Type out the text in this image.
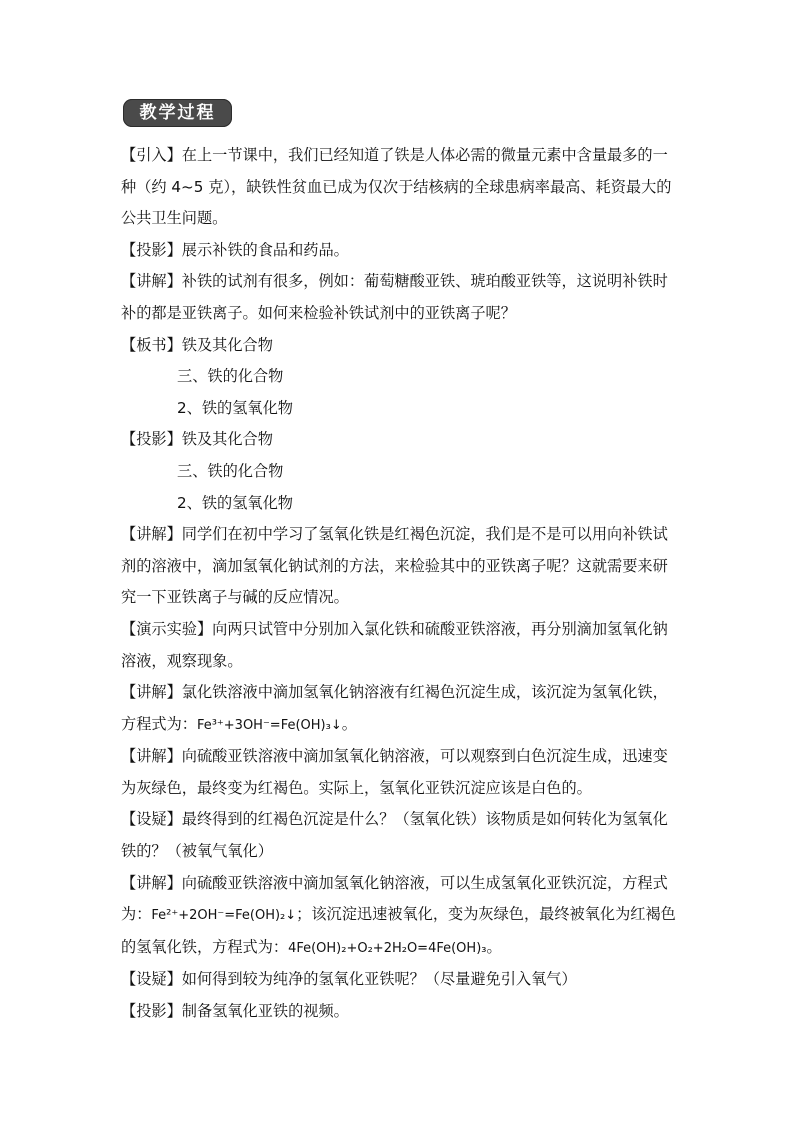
教学过程

【引入】在上一节课中，我们已经知道了铁是人体必需的微量元素中含量最多的一种（约 4~5 克），缺铁性贫血已成为仅次于结核病的全球患病率最高、耗资最大的公共卫生问题。

【投影】展示补铁的食品和药品。

【讲解】补铁的试剂有很多，例如：葡萄糖酸亚铁、琥珀酸亚铁等，这说明补铁时补的都是亚铁离子。如何来检验补铁试剂中的亚铁离子呢？

【板书】铁及其化合物

三、铁的化合物

2、铁的氢氧化物

【投影】铁及其化合物

三、铁的化合物

2、铁的氢氧化物

【讲解】同学们在初中学习了氢氧化铁是红褐色沉淀，我们是不是可以用向补铁试剂的溶液中，滴加氢氧化钠试剂的方法，来检验其中的亚铁离子呢？这就需要来研究一下亚铁离子与碱的反应情况。

【演示实验】向两只试管中分别加入氯化铁和硫酸亚铁溶液，再分别滴加氢氧化钠溶液，观察现象。

【讲解】氯化铁溶液中滴加氢氧化钠溶液有红褐色沉淀生成，该沉淀为氢氧化铁，方程式为：Fe³⁺+3OH⁻=Fe(OH)₃↓。

【讲解】向硫酸亚铁溶液中滴加氢氧化钠溶液，可以观察到白色沉淀生成，迅速变为灰绿色，最终变为红褐色。实际上，氢氧化亚铁沉淀应该是白色的。

【设疑】最终得到的红褐色沉淀是什么？（氢氧化铁）该物质是如何转化为氢氧化铁的？（被氧气氧化）

【讲解】向硫酸亚铁溶液中滴加氢氧化钠溶液，可以生成氢氧化亚铁沉淀，方程式为：Fe²⁺+2OH⁻=Fe(OH)₂↓；该沉淀迅速被氧化，变为灰绿色，最终被氧化为红褐色的氢氧化铁，方程式为：4Fe(OH)₂+O₂+2H₂O=4Fe(OH)₃。

【设疑】如何得到较为纯净的氢氧化亚铁呢？（尽量避免引入氧气）

【投影】制备氢氧化亚铁的视频。
